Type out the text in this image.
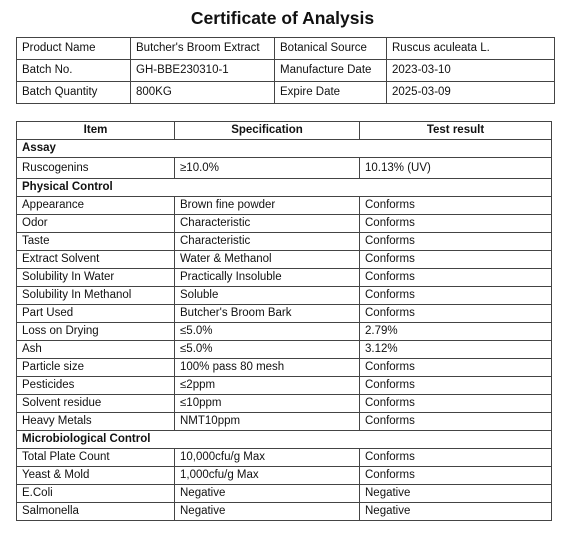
Certificate of Analysis
Product Name	Butcher's Broom Extract	Botanical Source	Ruscus aculeata L.
Batch No.	GH-BBE230310-1	Manufacture Date	2023-03-10
Batch Quantity	800KG	Expire Date	2025-03-09
Item	Specification	Test result
Assay		
Ruscogenins	≥10.0%	10.13% (UV)
Physical Control		
Appearance	Brown fine powder	Conforms
Odor	Characteristic	Conforms
Taste	Characteristic	Conforms
Extract Solvent	Water & Methanol	Conforms
Solubility In Water	Practically Insoluble	Conforms
Solubility In Methanol	Soluble	Conforms
Part Used	Butcher's Broom Bark	Conforms
Loss on Drying	≤5.0%	2.79%
Ash	≤5.0%	3.12%
Particle size	100% pass 80 mesh	Conforms
Pesticides	≤2ppm	Conforms
Solvent residue	≤10ppm	Conforms
Heavy Metals	NMT10ppm	Conforms
Microbiological Control		
Total Plate Count	10,000cfu/g Max	Conforms
Yeast & Mold	1,000cfu/g Max	Conforms
E.Coli	Negative	Negative
Salmonella	Negative	Negative
